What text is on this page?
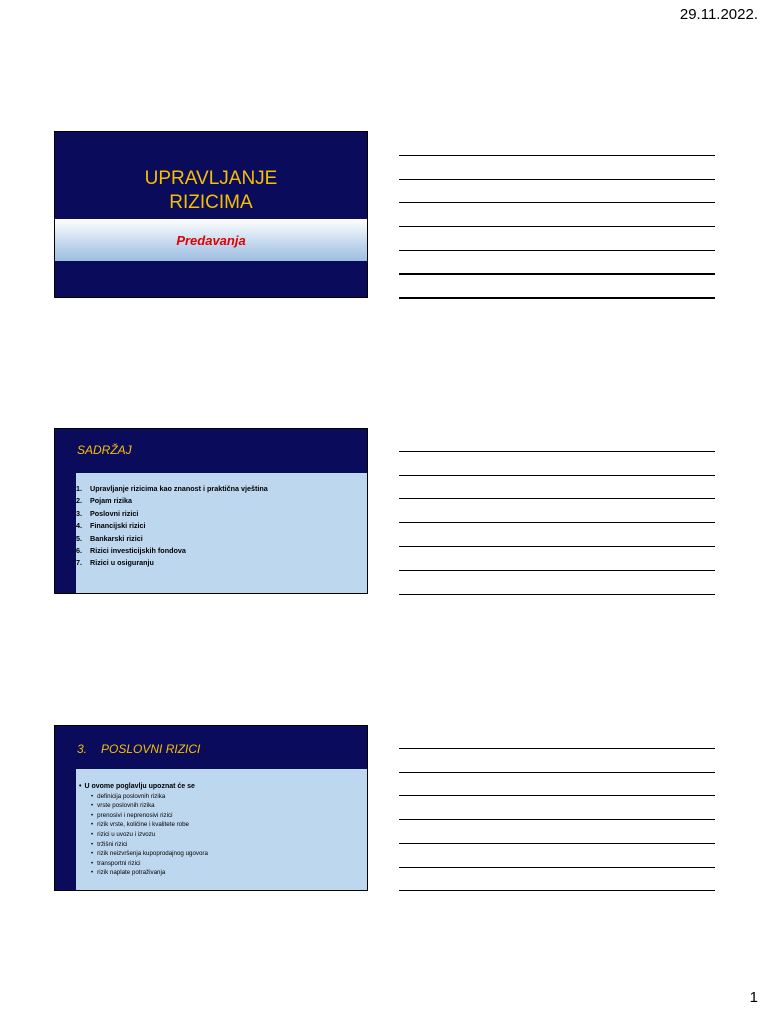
29.11.2022.
UPRAVLJANJE
RIZICIMA
Predavanja
SADRŽAJ
1.	Upravljanje rizicima kao znanost i praktična vještina
2.	Pojam rizika
3.	Poslovni rizici
4.	Financijski rizici
5.	Bankarski rizici
6.	Rizici investicijskih fondova
7.	Rizici u osiguranju
3. POSLOVNI RIZICI
• U ovome poglavlju upoznat će se
• definicija poslovnih rizika
• vrste poslovnih rizika
• prenosivi i neprenosivi rizici
• rizik vrste, količine i kvalitete robe
• rizici u uvozu i izvozu
• tržišni rizici
• rizik neizvršenja kupoprodajnog ugovora
• transportni rizici
• rizik naplate potraživanja
1
